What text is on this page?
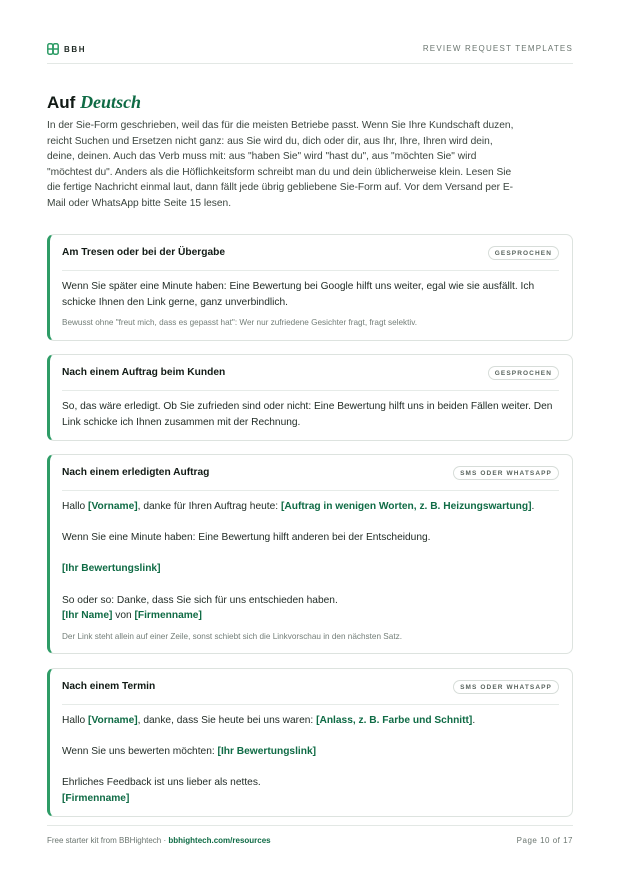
BBH	REVIEW REQUEST TEMPLATES
Auf Deutsch

In der Sie-Form geschrieben, weil das für die meisten Betriebe passt. Wenn Sie Ihre Kundschaft duzen, reicht Suchen und Ersetzen nicht ganz: aus Sie wird du, dich oder dir, aus Ihr, Ihre, Ihren wird dein, deine, deinen. Auch das Verb muss mit: aus "haben Sie" wird "hast du", aus "möchten Sie" wird "möchtest du". Anders als die Höflichkeitsform schreibt man du und dein üblicherweise klein. Lesen Sie die fertige Nachricht einmal laut, dann fällt jede übrig gebliebene Sie-Form auf. Vor dem Versand per E-Mail oder WhatsApp bitte Seite 15 lesen.

Am Tresen oder bei der Übergabe	GESPROCHEN

Wenn Sie später eine Minute haben: Eine Bewertung bei Google hilft uns weiter, egal wie sie ausfällt. Ich schicke Ihnen den Link gerne, ganz unverbindlich.

Bewusst ohne "freut mich, dass es gepasst hat": Wer nur zufriedene Gesichter fragt, fragt selektiv.

Nach einem Auftrag beim Kunden	GESPROCHEN

So, das wäre erledigt. Ob Sie zufrieden sind oder nicht: Eine Bewertung hilft uns in beiden Fällen weiter. Den Link schicke ich Ihnen zusammen mit der Rechnung.

Nach einem erledigten Auftrag	SMS ODER WHATSAPP

Hallo [Vorname], danke für Ihren Auftrag heute: [Auftrag in wenigen Worten, z. B. Heizungswartung].

Wenn Sie eine Minute haben: Eine Bewertung hilft anderen bei der Entscheidung.

[Ihr Bewertungslink]

So oder so: Danke, dass Sie sich für uns entschieden haben.

[Ihr Name] von [Firmenname]

Der Link steht allein auf einer Zeile, sonst schiebt sich die Linkvorschau in den nächsten Satz.

Nach einem Termin	SMS ODER WHATSAPP

Hallo [Vorname], danke, dass Sie heute bei uns waren: [Anlass, z. B. Farbe und Schnitt].

Wenn Sie uns bewerten möchten: [Ihr Bewertungslink]

Ehrliches Feedback ist uns lieber als nettes.

[Firmenname]

Free starter kit from BBHightech · bbhightech.com/resources	Page 10 of 17
